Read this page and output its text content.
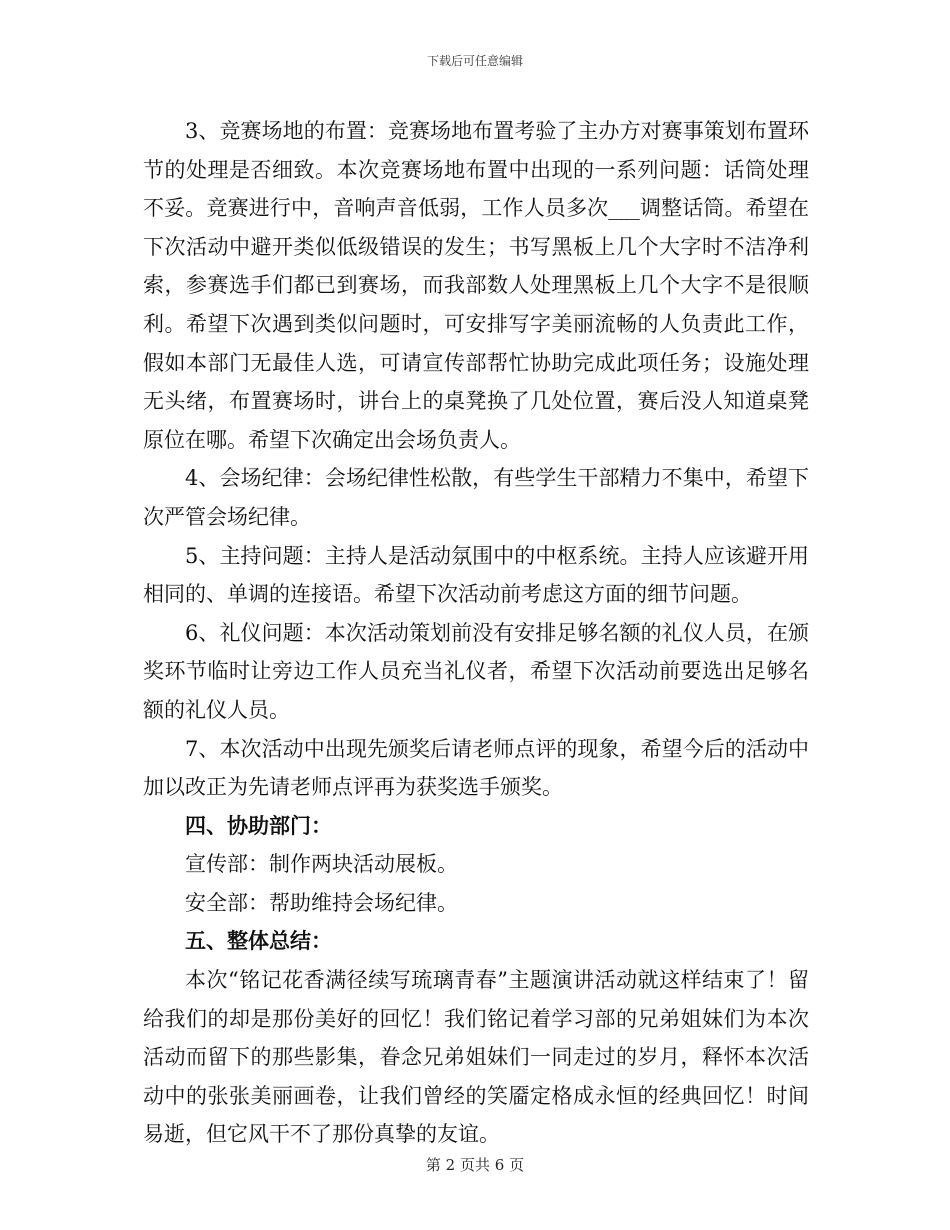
下载后可任意编辑

3、竞赛场地的布置：竞赛场地布置考验了主办方对赛事策划布置环节的处理是否细致。本次竞赛场地布置中出现的一系列问题：话筒处理不妥。竞赛进行中，音响声音低弱，工作人员多次___调整话筒。希望在下次活动中避开类似低级错误的发生；书写黑板上几个大字时不洁净利索，参赛选手们都已到赛场，而我部数人处理黑板上几个大字不是很顺利。希望下次遇到类似问题时，可安排写字美丽流畅的人负责此工作，假如本部门无最佳人选，可请宣传部帮忙协助完成此项任务；设施处理无头绪，布置赛场时，讲台上的桌凳换了几处位置，赛后没人知道桌凳原位在哪。希望下次确定出会场负责人。

4、会场纪律：会场纪律性松散，有些学生干部精力不集中，希望下次严管会场纪律。

5、主持问题：主持人是活动氛围中的中枢系统。主持人应该避开用相同的、单调的连接语。希望下次活动前考虑这方面的细节问题。

6、礼仪问题：本次活动策划前没有安排足够名额的礼仪人员，在颁奖环节临时让旁边工作人员充当礼仪者，希望下次活动前要选出足够名额的礼仪人员。

7、本次活动中出现先颁奖后请老师点评的现象，希望今后的活动中加以改正为先请老师点评再为获奖选手颁奖。

四、协助部门：

宣传部：制作两块活动展板。

安全部：帮助维持会场纪律。

五、整体总结：

本次“铭记花香满径续写琉璃青春”主题演讲活动就这样结束了！留给我们的却是那份美好的回忆！我们铭记着学习部的兄弟姐妹们为本次活动而留下的那些影集，眷念兄弟姐妹们一同走过的岁月，释怀本次活动中的张张美丽画卷，让我们曾经的笑靥定格成永恒的经典回忆！时间易逝，但它风干不了那份真挚的友谊。

第 2 页共 6 页
